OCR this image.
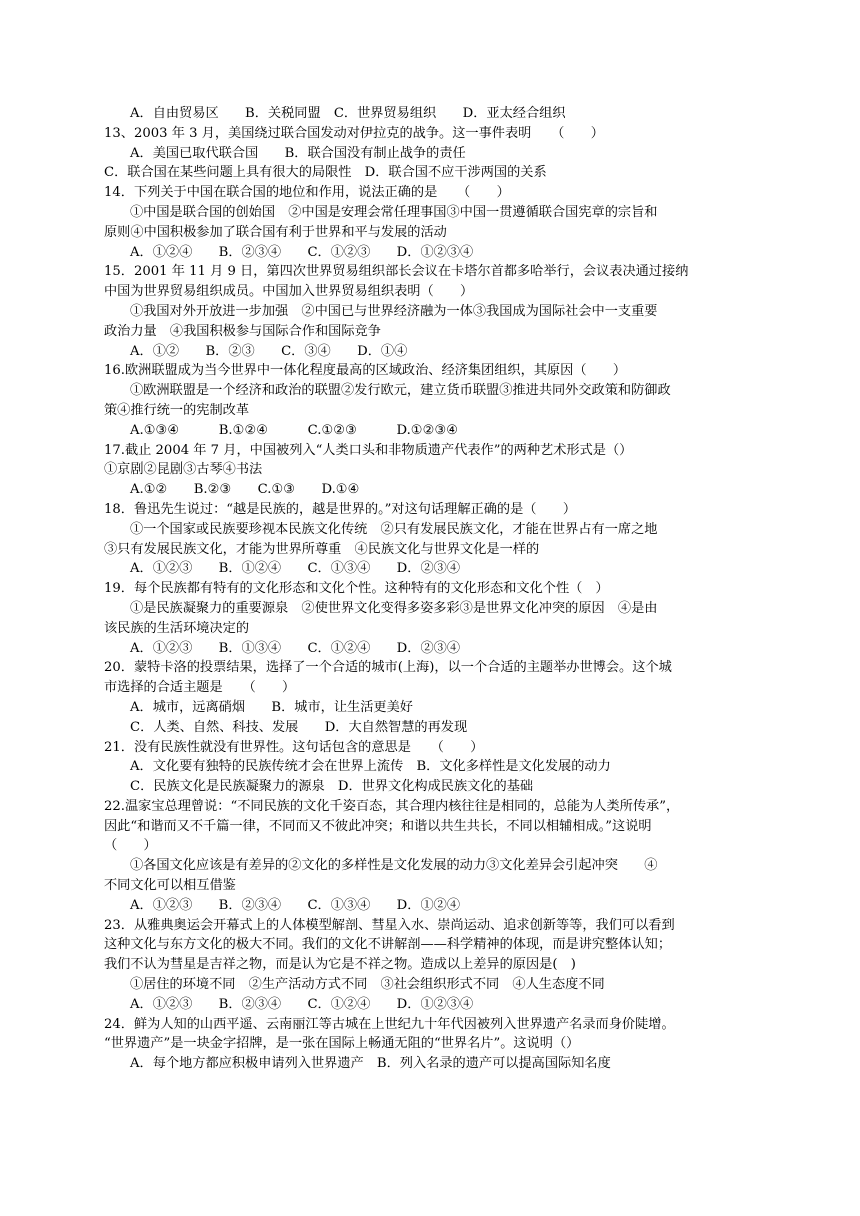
A．自由贸易区　　B．关税同盟　C．世界贸易组织　　D．亚太经合组织
13、2003 年 3 月，美国绕过联合国发动对伊拉克的战争。这一事件表明　　（　　）
A．美国已取代联合国　　B．联合国没有制止战争的责任
C．联合国在某些问题上具有很大的局限性　D．联合国不应干涉两国的关系
14．下列关于中国在联合国的地位和作用，说法正确的是　　（　　）
①中国是联合国的创始国　②中国是安理会常任理事国③中国一贯遵循联合国宪章的宗旨和
原则④中国积极参加了联合国有利于世界和平与发展的活动
A．①②④　　B．②③④　　C．①②③　　D．①②③④
15．2001 年 11 月 9 日，第四次世界贸易组织部长会议在卡塔尔首都多哈举行，会议表决通过接纳
中国为世界贸易组织成员。中国加入世界贸易组织表明（　　）
①我国对外开放进一步加强　②中国已与世界经济融为一体③我国成为国际社会中一支重要
政治力量　④我国积极参与国际合作和国际竞争
A．①②　　B．②③　　C．③④　　D．①④
16.欧洲联盟成为当今世界中一体化程度最高的区域政治、经济集团组织，其原因（　　）
①欧洲联盟是一个经济和政治的联盟②发行欧元，建立货币联盟③推进共同外交政策和防御政
策④推行统一的宪制改革
A.①③④　　　B.①②④　　　C.①②③　　　D.①②③④
17.截止 2004 年 7 月，中国被列入“人类口头和非物质遗产代表作”的两种艺术形式是（）
①京剧②昆剧③古琴④书法
A.①②　　B.②③　　C.①③　　D.①④
18．鲁迅先生说过：“越是民族的，越是世界的。”对这句话理解正确的是（　　）
①一个国家或民族要珍视本民族文化传统　②只有发展民族文化，才能在世界占有一席之地
③只有发展民族文化，才能为世界所尊重　④民族文化与世界文化是一样的
A．①②③　　B．①②④　　C．①③④　　D．②③④
19．每个民族都有特有的文化形态和文化个性。这种特有的文化形态和文化个性（　）
①是民族凝聚力的重要源泉　②使世界文化变得多姿多彩③是世界文化冲突的原因　④是由
该民族的生活环境决定的
A．①②③　　B．①③④　　C．①②④　　D．②③④
20．蒙特卡洛的投票结果，选择了一个合适的城市(上海)，以一个合适的主题举办世博会。这个城
市选择的合适主题是　　（　　）
A．城市，远离硝烟　　B．城市，让生活更美好
C．人类、自然、科技、发展　　D．大自然智慧的再发现
21．没有民族性就没有世界性。这句话包含的意思是　　（　　）
A．文化要有独特的民族传统才会在世界上流传　B．文化多样性是文化发展的动力
C．民族文化是民族凝聚力的源泉　D．世界文化构成民族文化的基础
22.温家宝总理曾说：“不同民族的文化千姿百态，其合理内核往往是相同的，总能为人类所传承”，
因此“和谐而又不千篇一律，不同而又不彼此冲突；和谐以共生共长，不同以相辅相成。”这说明
（　　）
①各国文化应该是有差异的②文化的多样性是文化发展的动力③文化差异会引起冲突　　④
不同文化可以相互借鉴
A．①②③　　B．②③④　　C．①③④　　D．①②④
23．从雅典奥运会开幕式上的人体模型解剖、彗星入水、崇尚运动、追求创新等等，我们可以看到
这种文化与东方文化的极大不同。我们的文化不讲解剖——科学精神的体现，而是讲究整体认知；
我们不认为彗星是吉祥之物，而是认为它是不祥之物。造成以上差异的原因是(　)
①居住的环境不同　②生产活动方式不同　③社会组织形式不同　④人生态度不同
A．①②③　　B．②③④　　C．①②④　　D．①②③④
24．鲜为人知的山西平遥、云南丽江等古城在上世纪九十年代因被列入世界遗产名录而身价陡增。
“世界遗产”是一块金字招牌，是一张在国际上畅通无阻的“世界名片”。这说明（）
A．每个地方都应积极申请列入世界遗产　B．列入名录的遗产可以提高国际知名度
